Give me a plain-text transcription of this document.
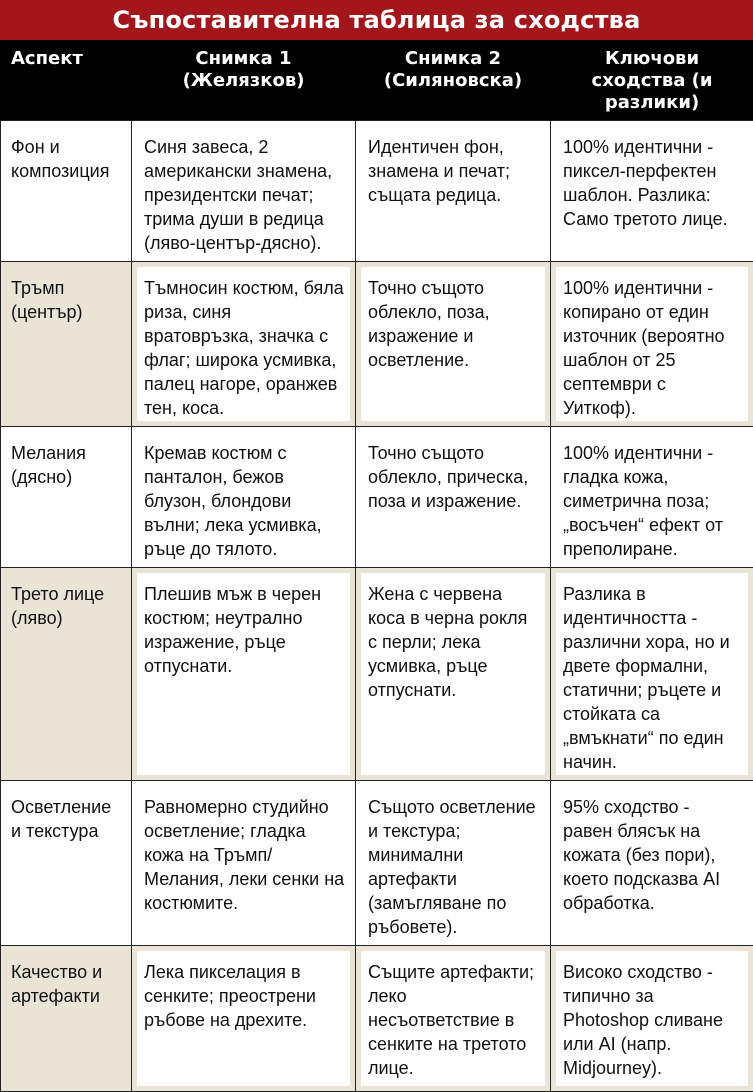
Съпоставителна таблица за сходства
Аспект	Снимка 1 (Желязков)	Снимка 2 (Силяновска)	Ключови сходства (и разлики)
Фон и композиция	Синя завеса, 2 американски знамена, президентски печат; трима души в редица (ляво-център-дясно).	Идентичен фон, знамена и печат; същата редица.	100% идентични - пиксел-перфектен шаблон. Разлика: Само третото лице.
Тръмп (център)	Тъмносин костюм, бяла риза, синя вратовръзка, значка с флаг; широка усмивка, палец нагоре, оранжев тен, коса.	Точно същото облекло, поза, изражение и осветление.	100% идентични - копирано от един източник (вероятно шаблон от 25 септември с Уиткоф).
Мелания (дясно)	Кремав костюм с панталон, бежов блузон, блондови вълни; лека усмивка, ръце до тялото.	Точно същото облекло, прическа, поза и изражение.	100% идентични - гладка кожа, симетрична поза; „восъчен“ ефект от преполиране.
Трето лице (ляво)	Плешив мъж в черен костюм; неутрално изражение, ръце отпуснати.	Жена с червена коса в черна рокля с перли; лека усмивка, ръце отпуснати.	Разлика в идентичността - различни хора, но и двете формални, статични; ръцете и стойката са „вмъкнати“ по един начин.
Осветление и текстура	Равномерно студийно осветление; гладка кожа на Тръмп/Мелания, леки сенки на костюмите.	Същото осветление и текстура; минимални артефакти (замъгляване по ръбовете).	95% сходство - равен блясък на кожата (без пори), което подсказва AI обработка.
Качество и артефакти	Лека пикселация в сенките; преострени ръбове на дрехите.	Същите артефакти; леко несъответствие в сенките на третото лице.	Високо сходство - типично за Photoshop сливане или AI (напр. Midjourney).
